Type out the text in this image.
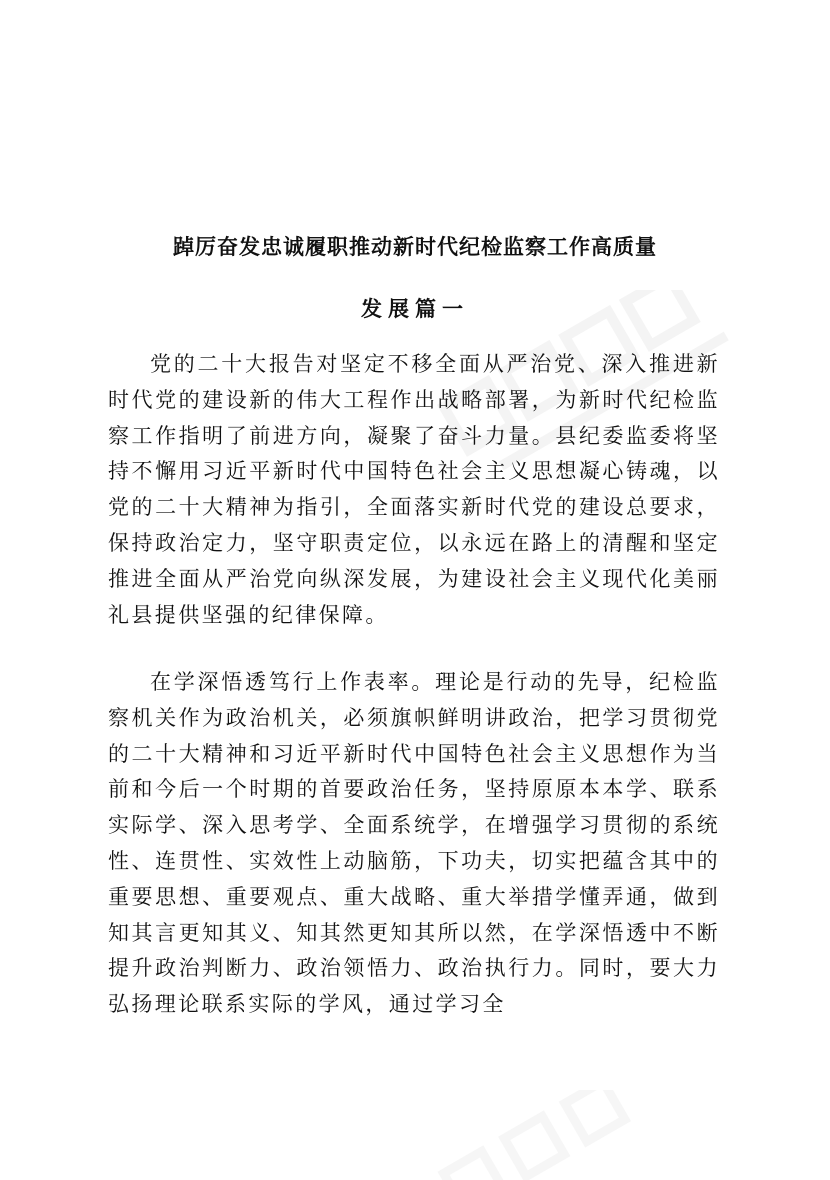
踔厉奋发忠诚履职推动新时代纪检监察工作高质量
发展篇一

党的二十大报告对坚定不移全面从严治党、深入推进新时代党的建设新的伟大工程作出战略部署，为新时代纪检监察工作指明了前进方向，凝聚了奋斗力量。县纪委监委将坚持不懈用习近平新时代中国特色社会主义思想凝心铸魂，以党的二十大精神为指引，全面落实新时代党的建设总要求，保持政治定力，坚守职责定位，以永远在路上的清醒和坚定推进全面从严治党向纵深发展，为建设社会主义现代化美丽礼县提供坚强的纪律保障。

在学深悟透笃行上作表率。理论是行动的先导，纪检监察机关作为政治机关，必须旗帜鲜明讲政治，把学习贯彻党的二十大精神和习近平新时代中国特色社会主义思想作为当前和今后一个时期的首要政治任务，坚持原原本本学、联系实际学、深入思考学、全面系统学，在增强学习贯彻的系统性、连贯性、实效性上动脑筋，下功夫，切实把蕴含其中的重要思想、重要观点、重大战略、重大举措学懂弄通，做到知其言更知其义、知其然更知其所以然，在学深悟透中不断提升政治判断力、政治领悟力、政治执行力。同时，要大力弘扬理论联系实际的学风，通过学习全
